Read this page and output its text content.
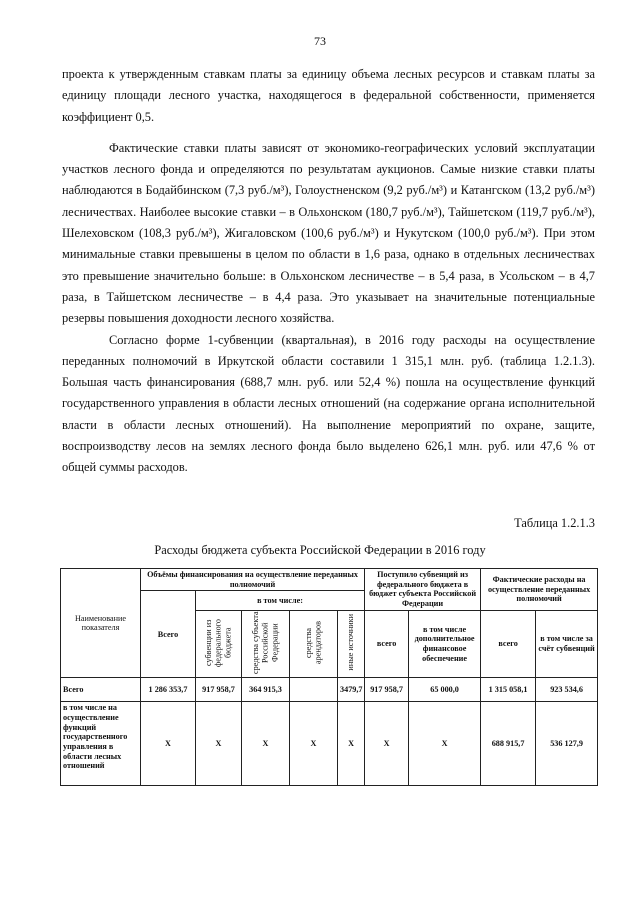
73

проекта к утвержденным ставкам платы за единицу объема лесных ресурсов и ставкам платы за единицу площади лесного участка, находящегося в федеральной собственности, применяется коэффициент 0,5.

Фактические ставки платы зависят от экономико-географических условий эксплуатации участков лесного фонда и определяются по результатам аукционов. Самые низкие ставки платы наблюдаются в Бодайбинском (7,3 руб./м³), Голоустненском (9,2 руб./м³) и Катангском (13,2 руб./м³) лесничествах. Наиболее высокие ставки – в Ольхонском (180,7 руб./м³), Тайшетском (119,7 руб./м³), Шелеховском (108,3 руб./м³), Жигаловском (100,6 руб./м³) и Нукутском (100,0 руб./м³). При этом минимальные ставки превышены в целом по области в 1,6 раза, однако в отдельных лесничествах это превышение значительно больше: в Ольхонском лесничестве – в 5,4 раза, в Усольском – в 4,7 раза, в Тайшетском лесничестве – в 4,4 раза. Это указывает на значительные потенциальные резервы повышения доходности лесного хозяйства.

Согласно форме 1-субвенции (квартальная), в 2016 году расходы на осуществление переданных полномочий в Иркутской области составили 1 315,1 млн. руб. (таблица 1.2.1.3). Большая часть финансирования (688,7 млн. руб. или 52,4 %) пошла на осуществление функций государственного управления в области лесных отношений (на содержание органа исполнительной власти в области лесных отношений). На выполнение мероприятий по охране, защите, воспроизводству лесов на землях лесного фонда было выделено 626,1 млн. руб. или 47,6 % от общей суммы расходов.

Таблица 1.2.1.3
Расходы бюджета субъекта Российской Федерации в 2016 году
Наименование показателя	Объёмы финансирования на осуществление переданных полномочий					Поступило субвенций из федерального бюджета в бюджет субъекта Российской Федерации		Фактические расходы на осуществление переданных полномочий	
	Всего	в том числе:							
		субвенции из федерального бюджета	средства субъекта Российской Федерации	средства арендаторов	иные источники	всего	в том числе дополнительное финансовое обеспечение	всего	в том числе за счёт субвенций
Всего	1 286 353,7	917 958,7	364 915,3		3479,7	917 958,7	65 000,0	1 315 058,1	923 534,6
в том числе на осуществление функций государственного управления в области лесных отношений	Х	Х	Х	Х	Х	Х	Х	688 915,7	536 127,9
